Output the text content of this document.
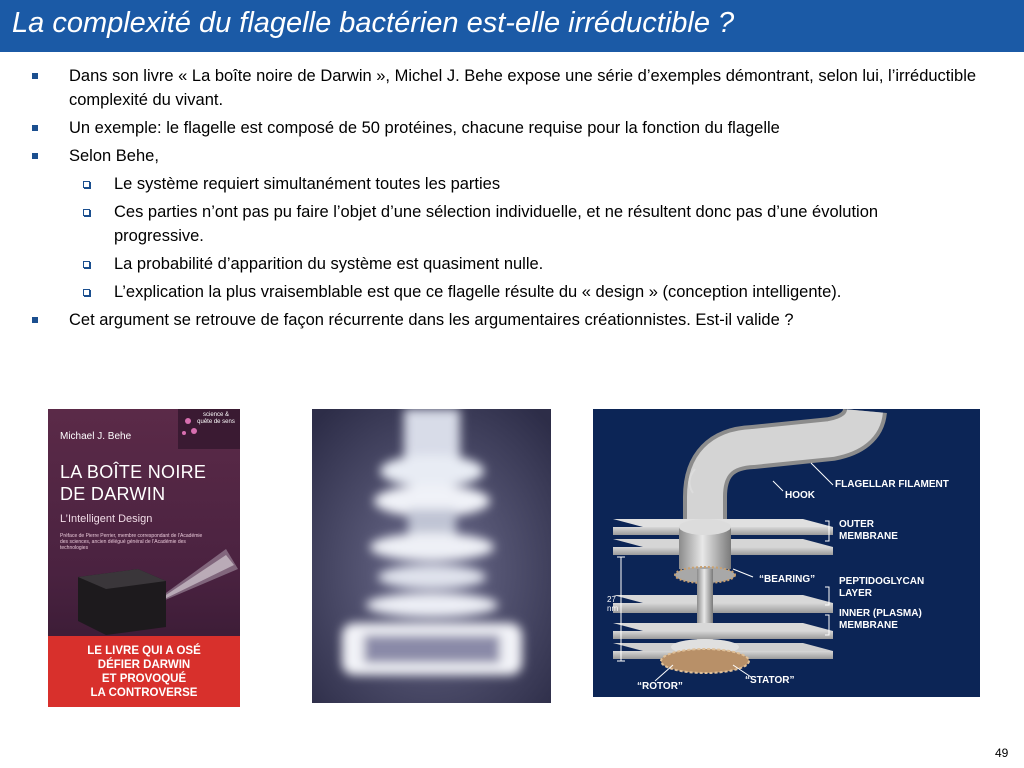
La complexité du flagelle bactérien est-elle irréductible ?
Dans son livre « La boîte noire de Darwin », Michel J. Behe expose une série d’exemples démontrant, selon lui, l’irréductible complexité du vivant.
Un exemple: le flagelle est composé de 50 protéines, chacune requise pour la fonction du flagelle
Selon Behe,
Le système requiert simultanément toutes les parties
Ces parties n’ont pas pu faire l’objet d’une sélection individuelle, et ne résultent donc pas d’une évolution progressive.
La probabilité d’apparition du système est quasiment nulle.
L’explication la plus vraisemblable est que ce flagelle résulte du « design » (conception intelligente).
Cet argument se retrouve de façon récurrente dans les argumentaires créationnistes. Est-il valide ?
science & quête de sens
Michael J. Behe
LA BOÎTE NOIRE
DE DARWIN
L’Intelligent Design
Préface de Pierre Perrier, membre correspondant de l’Académie des sciences, ancien délégué général de l’Académie des technologies
LE LIVRE QUI A OSÉ
DÉFIER DARWIN
ET PROVOQUÉ
LA CONTROVERSE
27
nm
FLAGELLAR FILAMENT
HOOK
OUTER
MEMBRANE
PEPTIDOGLYCAN
LAYER
INNER (PLASMA)
MEMBRANE
“BEARING”
“ROTOR”
“STATOR”
49
